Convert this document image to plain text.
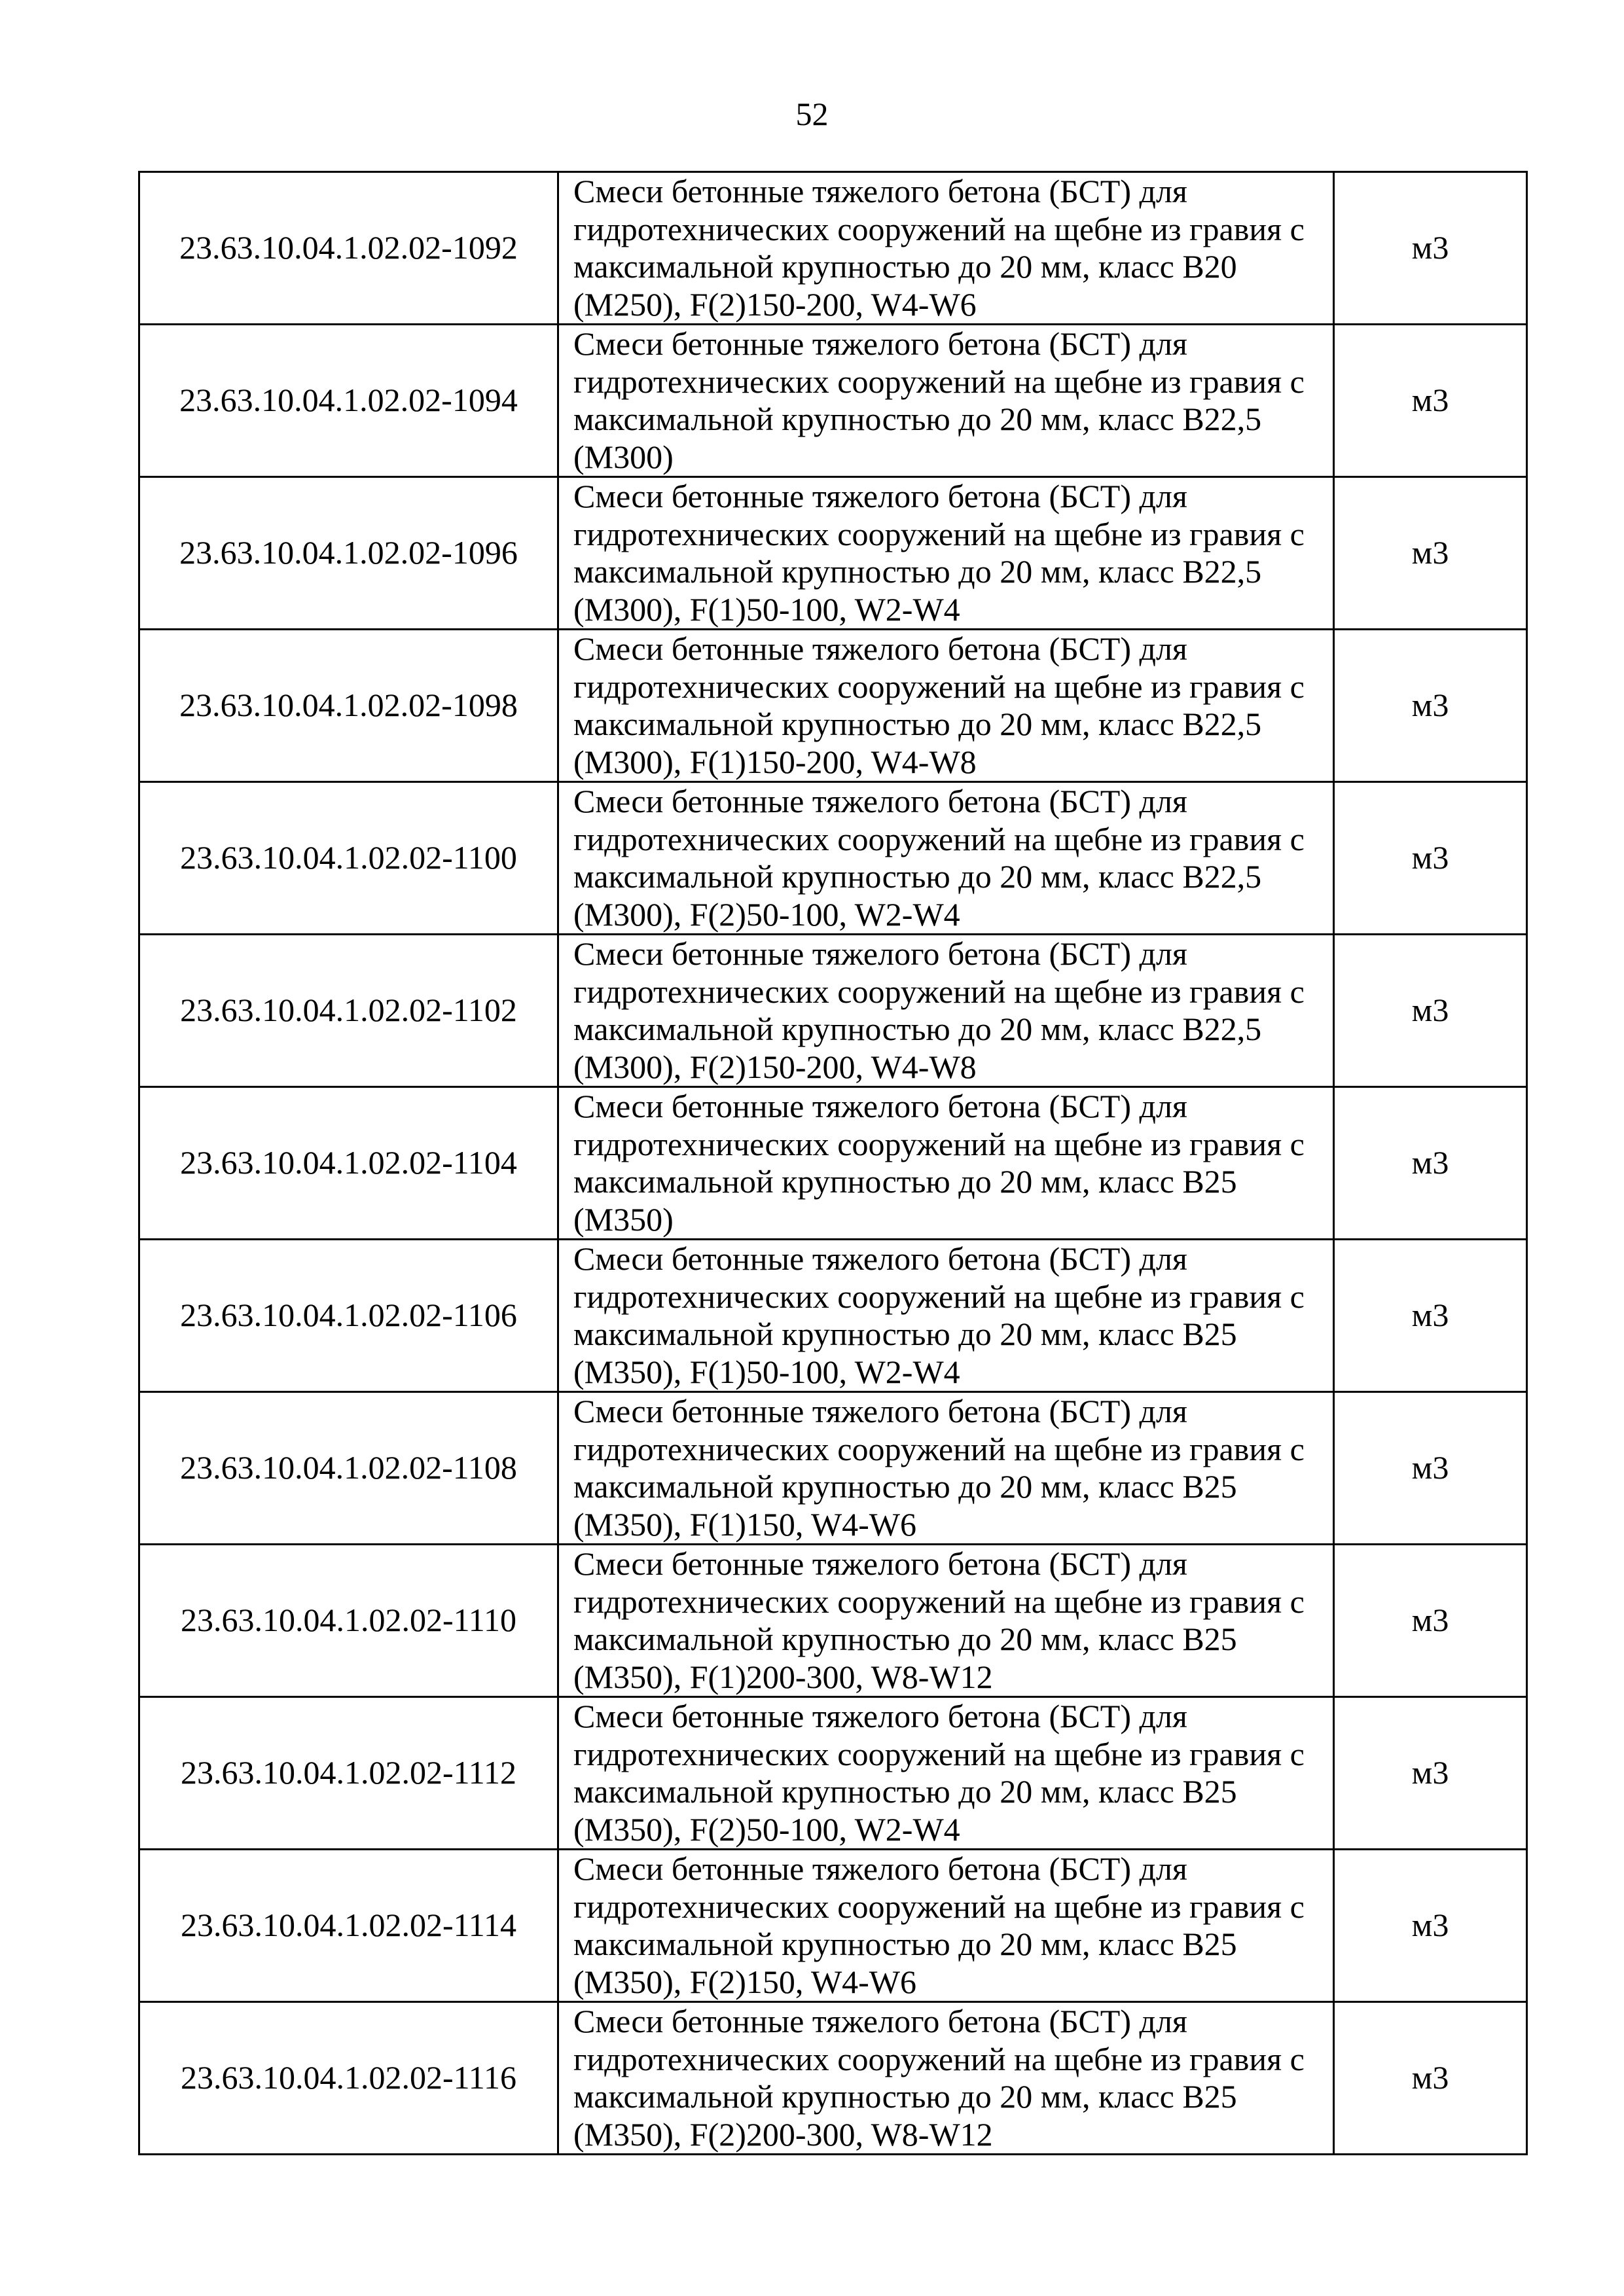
52
23.63.10.04.1.02.02-1092	Смеси бетонные тяжелого бетона (БСТ) для
гидротехнических сооружений на щебне из гравия с
максимальной крупностью до 20 мм, класс В20
(М250), F(2)150-200, W4-W6	м3
23.63.10.04.1.02.02-1094	Смеси бетонные тяжелого бетона (БСТ) для
гидротехнических сооружений на щебне из гравия с
максимальной крупностью до 20 мм, класс В22,5
(М300)	м3
23.63.10.04.1.02.02-1096	Смеси бетонные тяжелого бетона (БСТ) для
гидротехнических сооружений на щебне из гравия с
максимальной крупностью до 20 мм, класс В22,5
(М300), F(1)50-100, W2-W4	м3
23.63.10.04.1.02.02-1098	Смеси бетонные тяжелого бетона (БСТ) для
гидротехнических сооружений на щебне из гравия с
максимальной крупностью до 20 мм, класс В22,5
(М300), F(1)150-200, W4-W8	м3
23.63.10.04.1.02.02-1100	Смеси бетонные тяжелого бетона (БСТ) для
гидротехнических сооружений на щебне из гравия с
максимальной крупностью до 20 мм, класс В22,5
(М300), F(2)50-100, W2-W4	м3
23.63.10.04.1.02.02-1102	Смеси бетонные тяжелого бетона (БСТ) для
гидротехнических сооружений на щебне из гравия с
максимальной крупностью до 20 мм, класс В22,5
(М300), F(2)150-200, W4-W8	м3
23.63.10.04.1.02.02-1104	Смеси бетонные тяжелого бетона (БСТ) для
гидротехнических сооружений на щебне из гравия с
максимальной крупностью до 20 мм, класс В25
(М350)	м3
23.63.10.04.1.02.02-1106	Смеси бетонные тяжелого бетона (БСТ) для
гидротехнических сооружений на щебне из гравия с
максимальной крупностью до 20 мм, класс В25
(М350), F(1)50-100, W2-W4	м3
23.63.10.04.1.02.02-1108	Смеси бетонные тяжелого бетона (БСТ) для
гидротехнических сооружений на щебне из гравия с
максимальной крупностью до 20 мм, класс В25
(М350), F(1)150, W4-W6	м3
23.63.10.04.1.02.02-1110	Смеси бетонные тяжелого бетона (БСТ) для
гидротехнических сооружений на щебне из гравия с
максимальной крупностью до 20 мм, класс В25
(М350), F(1)200-300, W8-W12	м3
23.63.10.04.1.02.02-1112	Смеси бетонные тяжелого бетона (БСТ) для
гидротехнических сооружений на щебне из гравия с
максимальной крупностью до 20 мм, класс В25
(М350), F(2)50-100, W2-W4	м3
23.63.10.04.1.02.02-1114	Смеси бетонные тяжелого бетона (БСТ) для
гидротехнических сооружений на щебне из гравия с
максимальной крупностью до 20 мм, класс В25
(М350), F(2)150, W4-W6	м3
23.63.10.04.1.02.02-1116	Смеси бетонные тяжелого бетона (БСТ) для
гидротехнических сооружений на щебне из гравия с
максимальной крупностью до 20 мм, класс В25
(М350), F(2)200-300, W8-W12	м3
